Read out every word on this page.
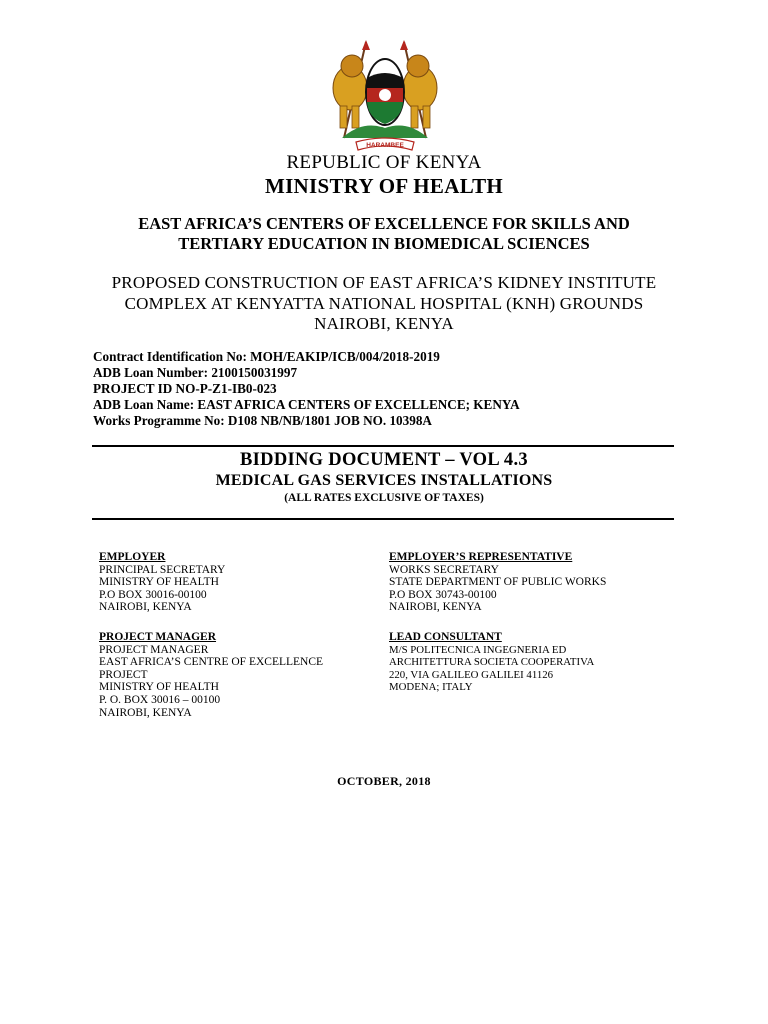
HARAMBEE
REPUBLIC OF KENYA
MINISTRY OF HEALTH
EAST AFRICA’S CENTERS OF EXCELLENCE FOR SKILLS AND
TERTIARY EDUCATION IN BIOMEDICAL SCIENCES
PROPOSED CONSTRUCTION OF EAST AFRICA’S KIDNEY INSTITUTE
COMPLEX AT KENYATTA NATIONAL HOSPITAL (KNH) GROUNDS
NAIROBI, KENYA
Contract Identification No: MOH/EAKIP/ICB/004/2018-2019
ADB Loan Number: 2100150031997
PROJECT ID NO-P-Z1-IB0-023
ADB Loan Name: EAST AFRICA CENTERS OF EXCELLENCE; KENYA
Works Programme No: D108 NB/NB/1801 JOB NO. 10398A
BIDDING DOCUMENT – VOL 4.3
MEDICAL GAS SERVICES INSTALLATIONS
(ALL RATES EXCLUSIVE OF TAXES)
EMPLOYER
PRINCIPAL SECRETARY
MINISTRY OF HEALTH
P.O BOX 30016-00100
NAIROBI, KENYA
EMPLOYER’S REPRESENTATIVE
WORKS SECRETARY
STATE DEPARTMENT OF PUBLIC WORKS
P.O BOX 30743-00100
NAIROBI, KENYA
PROJECT MANAGER
PROJECT MANAGER
EAST AFRICA’S CENTRE OF EXCELLENCE
PROJECT
MINISTRY OF HEALTH
P. O. BOX 30016 – 00100
NAIROBI, KENYA
LEAD CONSULTANT
M/S POLITECNICA INGEGNERIA ED
ARCHITETTURA SOCIETA COOPERATIVA
220, VIA GALILEO GALILEI 41126
MODENA; ITALY
OCTOBER, 2018
